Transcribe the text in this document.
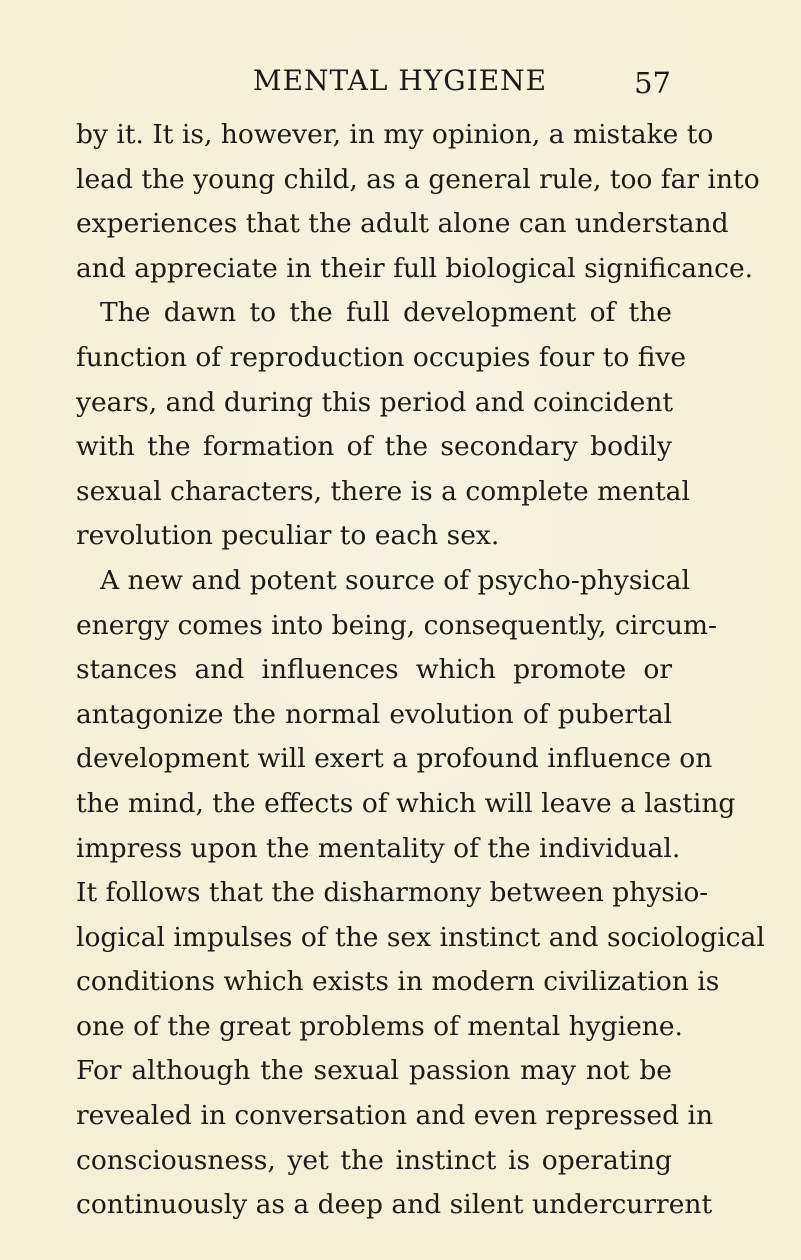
MENTAL HYGIENE	57
by it. It is, however, in my opinion, a mistake to
lead the young child, as a general rule, too far into
experiences that the adult alone can understand
and appreciate in their full biological significance.
The dawn to the full development of the
function of reproduction occupies four to five
years, and during this period and coincident
with the formation of the secondary bodily
sexual characters, there is a complete mental
revolution peculiar to each sex.
A new and potent source of psycho-physical
energy comes into being, consequently, circum-
stances and influences which promote or
antagonize the normal evolution of pubertal
development will exert a profound influence on
the mind, the effects of which will leave a lasting
impress upon the mentality of the individual.
It follows that the disharmony between physio-
logical impulses of the sex instinct and sociological
conditions which exists in modern civilization is
one of the great problems of mental hygiene.
For although the sexual passion may not be
revealed in conversation and even repressed in
consciousness, yet the instinct is operating
continuously as a deep and silent undercurrent
